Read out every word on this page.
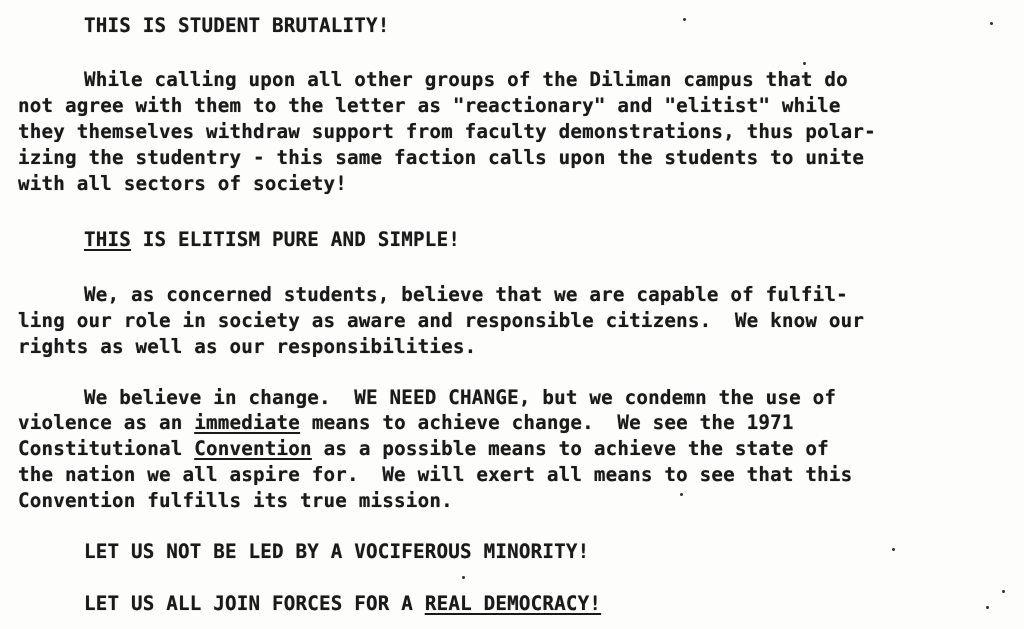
THIS IS STUDENT BRUTALITY!
While calling upon all other groups of the Diliman campus that do
not agree with them to the letter as "reactionary" and "elitist" while
they themselves withdraw support from faculty demonstrations, thus polar-
izing the studentry - this same faction calls upon the students to unite
with all sectors of society!
THIS IS ELITISM PURE AND SIMPLE!
We, as concerned students, believe that we are capable of fulfil-
ling our role in society as aware and responsible citizens.  We know our
rights as well as our responsibilities.
We believe in change.  WE NEED CHANGE, but we condemn the use of
violence as an immediate means to achieve change.  We see the 1971
Constitutional Convention as a possible means to achieve the state of
the nation we all aspire for.  We will exert all means to see that this
Convention fulfills its true mission.
LET US NOT BE LED BY A VOCIFEROUS MINORITY!
LET US ALL JOIN FORCES FOR A REAL DEMOCRACY!
